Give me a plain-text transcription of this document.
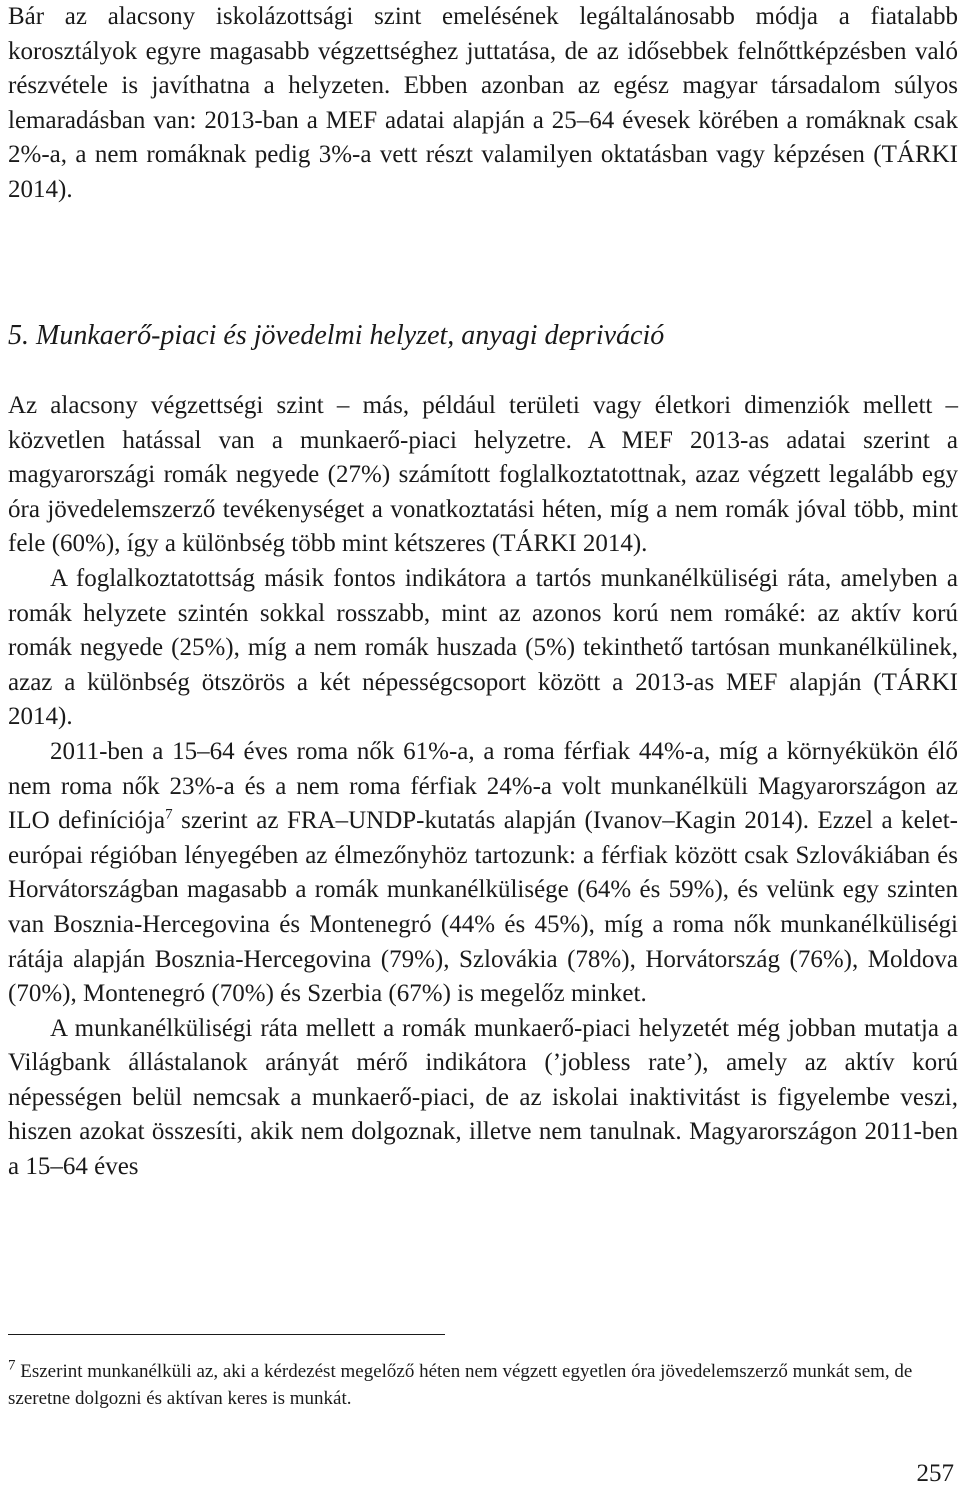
Bár az alacsony iskolázottsági szint emelésének legáltalánosabb módja a fiatalabb korosztályok egyre magasabb végzettséghez juttatása, de az idősebbek felnőttképzésben való részvétele is javíthatna a helyzeten. Ebben azonban az egész magyar társadalom súlyos lemaradásban van: 2013-ban a MEF adatai alapján a 25–64 évesek körében a romáknak csak 2%-a, a nem romáknak pedig 3%-a vett részt valamilyen oktatásban vagy képzésen (TÁRKI 2014).

5. Munkaerő-piaci és jövedelmi helyzet, anyagi depriváció

Az alacsony végzettségi szint – más, például területi vagy életkori dimenziók mellett – közvetlen hatással van a munkaerő-piaci helyzetre. A MEF 2013-as adatai szerint a magyarországi romák negyede (27%) számított foglalkoztatottnak, azaz végzett legalább egy óra jövedelemszerző tevékenységet a vonatkoztatási héten, míg a nem romák jóval több, mint fele (60%), így a különbség több mint kétszeres (TÁRKI 2014).

A foglalkoztatottság másik fontos indikátora a tartós munkanélküliségi ráta, amelyben a romák helyzete szintén sokkal rosszabb, mint az azonos korú nem romáké: az aktív korú romák negyede (25%), míg a nem romák huszada (5%) tekinthető tartósan munkanélkülinek, azaz a különbség ötszörös a két népességcsoport között a 2013-as MEF alapján (TÁRKI 2014).

2011-ben a 15–64 éves roma nők 61%-a, a roma férfiak 44%-a, míg a környékükön élő nem roma nők 23%-a és a nem roma férfiak 24%-a volt munkanélküli Magyarországon az ILO definíciója$^7$ szerint az FRA–UNDP-kutatás alapján (Ivanov–Kagin 2014). Ezzel a kelet-európai régióban lényegében az élmezőnyhöz tartozunk: a férfiak között csak Szlovákiában és Horvátországban magasabb a romák munkanélkülisége (64% és 59%), és velünk egy szinten van Bosznia-Hercegovina és Montenegró (44% és 45%), míg a roma nők munkanélküliségi rátája alapján Bosznia-Hercegovina (79%), Szlovákia (78%), Horvátország (76%), Moldova (70%), Montenegró (70%) és Szerbia (67%) is megelőz minket.

A munkanélküliségi ráta mellett a romák munkaerő-piaci helyzetét még jobban mutatja a Világbank állástalanok arányát mérő indikátora (’jobless rate’), amely az aktív korú népességen belül nemcsak a munkaerő-piaci, de az iskolai inaktivitást is figyelembe veszi, hiszen azokat összesíti, akik nem dolgoznak, illetve nem tanulnak. Magyarországon 2011-ben a 15–64 éves

$^7$ Eszerint munkanélküli az, aki a kérdezést megelőző héten nem végzett egyetlen óra jövedelemszerző munkát sem, de szeretne dolgozni és aktívan keres is munkát.

257
